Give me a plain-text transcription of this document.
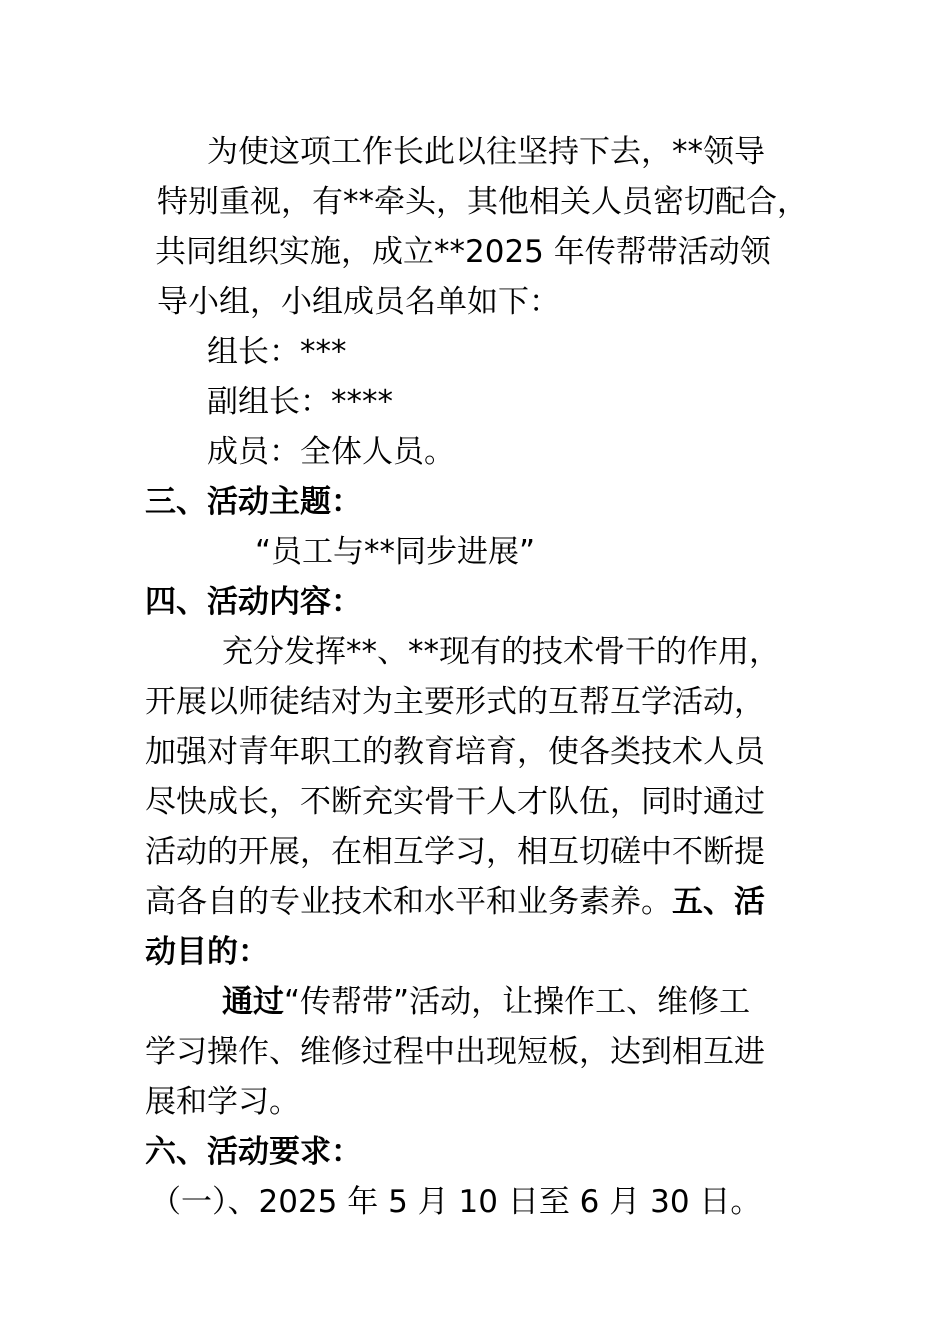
为使这项工作长此以往坚持下去，**领导
特别重视，有**牵头，其他相关人员密切配合，
共同组织实施，成立**2025 年传帮带活动领
导小组，小组成员名单如下：
组长：***
副组长：****
成员：全体人员。
三、活动主题：
“员工与**同步进展”
四、活动内容：
充分发挥**、**现有的技术骨干的作用，
开展以师徒结对为主要形式的互帮互学活动，
加强对青年职工的教育培育，使各类技术人员
尽快成长，不断充实骨干人才队伍，同时通过
活动的开展，在相互学习，相互切磋中不断提
高各自的专业技术和水平和业务素养。五、活
动目的：
通过“传帮带”活动，让操作工、维修工
学习操作、维修过程中出现短板，达到相互进
展和学习。
六、活动要求：
（一）、2025 年 5 月 10 日至 6 月 30 日。
